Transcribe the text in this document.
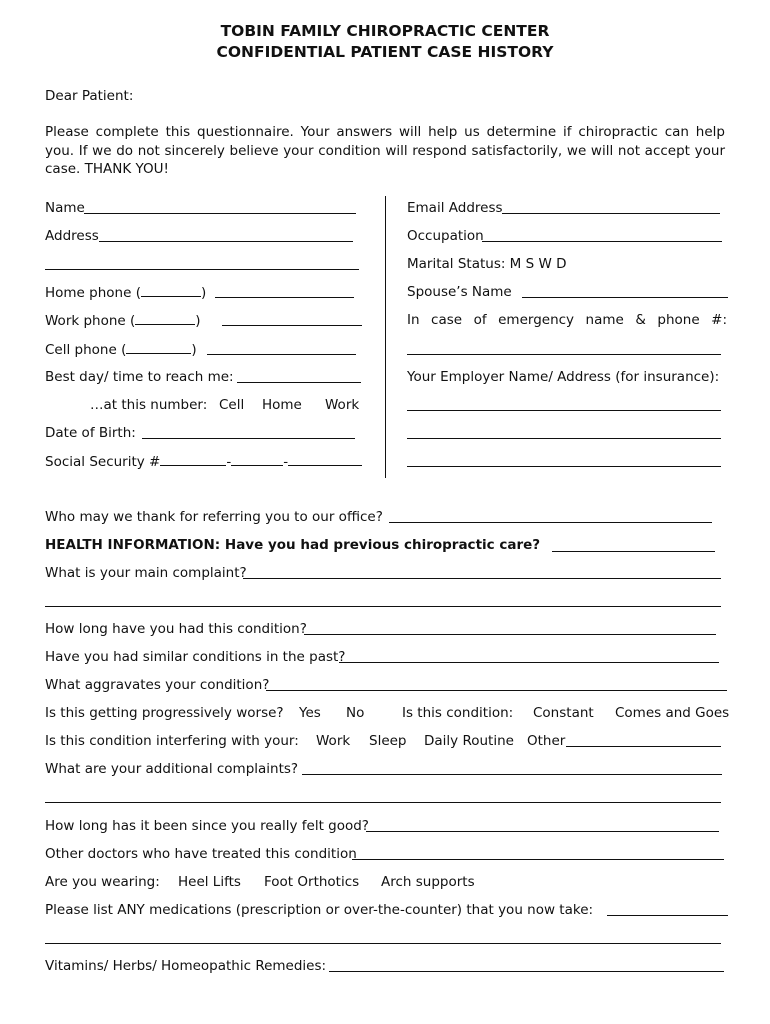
TOBIN FAMILY CHIROPRACTIC CENTER
CONFIDENTIAL PATIENT CASE HISTORY
Dear Patient:
Please complete this questionnaire. Your answers will help us determine if chiropractic can help you. If we do not sincerely believe your condition will respond satisfactorily, we will not accept your case. THANK YOU!
Name
Address
Home phone (	)
Work phone (	)
Cell phone (	)
Best day/ time to reach me:
…at this number: Cell Home Work
Date of Birth:
Social Security #	-	-
Email Address
Occupation
Marital Status: M S W D
Spouse’s Name
In case of emergency name & phone #:
Your Employer Name/ Address (for insurance):
Who may we thank for referring you to our office?
HEALTH INFORMATION: Have you had previous chiropractic care?
What is your main complaint?
How long have you had this condition?
Have you had similar conditions in the past?
What aggravates your condition?
Is this getting progressively worse? Yes No	Is this condition: Constant Comes and Goes
Is this condition interfering with your: Work Sleep Daily Routine Other
What are your additional complaints?
How long has it been since you really felt good?
Other doctors who have treated this condition
Are you wearing: Heel Lifts Foot Orthotics Arch supports
Please list ANY medications (prescription or over-the-counter) that you now take:
Vitamins/ Herbs/ Homeopathic Remedies:
